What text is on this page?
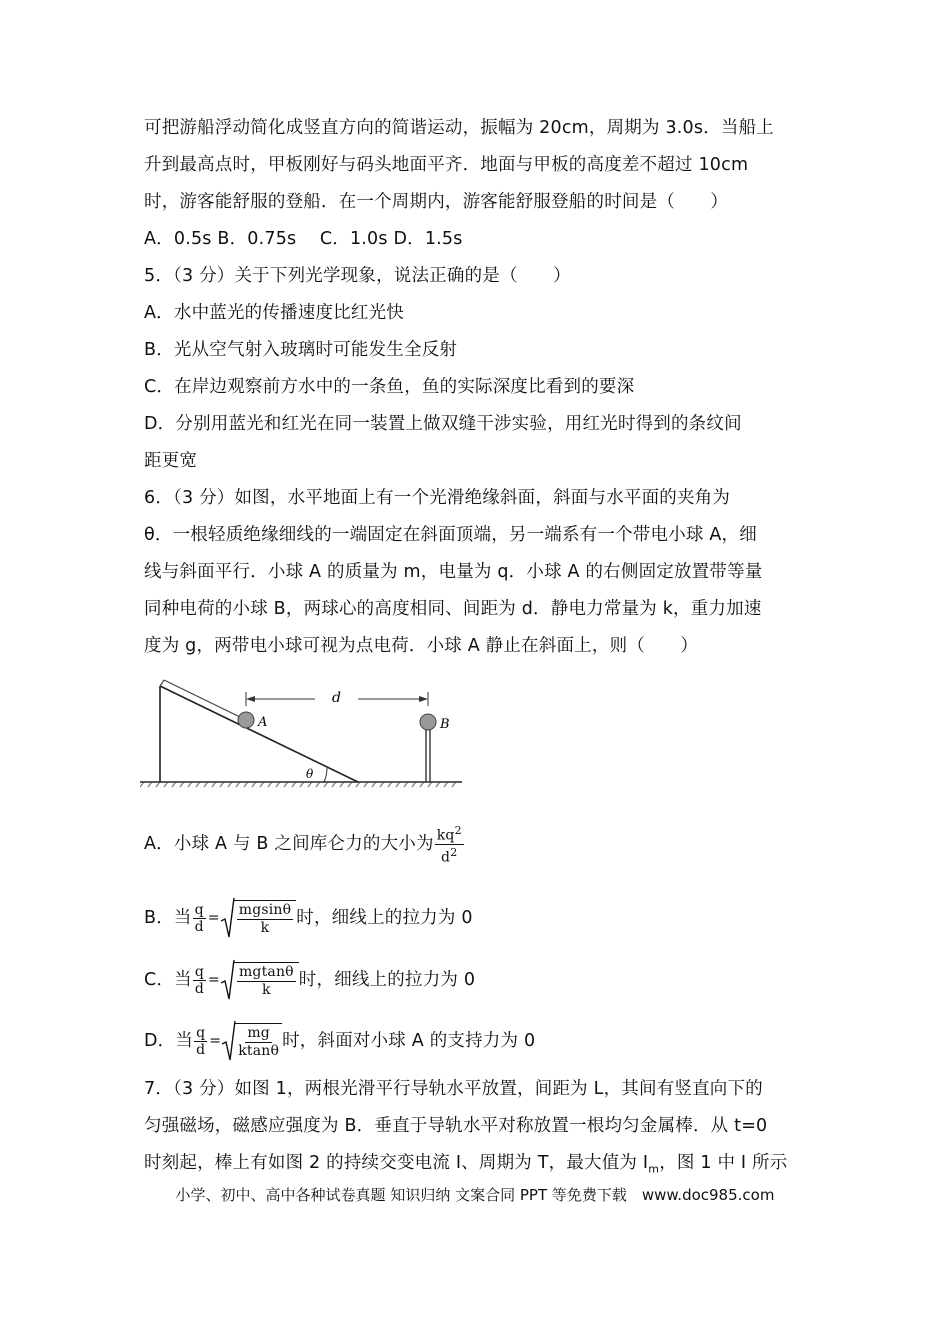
可把游船浮动简化成竖直方向的简谐运动，振幅为 20cm，周期为 3.0s．当船上
升到最高点时，甲板刚好与码头地面平齐．地面与甲板的高度差不超过 10cm
时，游客能舒服的登船．在一个周期内，游客能舒服登船的时间是（　　）
A．0.5s B．0.75s　 C．1.0s D．1.5s
5．（3 分）关于下列光学现象，说法正确的是（　　）
A．水中蓝光的传播速度比红光快
B．光从空气射入玻璃时可能发生全反射
C．在岸边观察前方水中的一条鱼，鱼的实际深度比看到的要深
D．分别用蓝光和红光在同一装置上做双缝干涉实验，用红光时得到的条纹间
距更宽
6．（3 分）如图，水平地面上有一个光滑绝缘斜面，斜面与水平面的夹角为
θ．一根轻质绝缘细线的一端固定在斜面顶端，另一端系有一个带电小球 A，细
线与斜面平行．小球 A 的质量为 m，电量为 q．小球 A 的右侧固定放置带等量
同种电荷的小球 B，两球心的高度相同、间距为 d．静电力常量为 k，重力加速
度为 g，两带电小球可视为点电荷．小球 A 静止在斜面上，则（　　）
d
A	B
θ
A．小球 A 与 B 之间库仑力的大小为 $\frac{kq^2}{d^2}$
B．当 $\frac{q}{d}$ =
mgsinθ
k 时，细线上的拉力为 0
C．当 $\frac{q}{d}$ =
mgtanθ
k 时，细线上的拉力为 0
D．当 $\frac{q}{d}$ =
mg
ktanθ 时，斜面对小球 A 的支持力为 0
7．（3 分）如图 1，两根光滑平行导轨水平放置，间距为 L，其间有竖直向下的
匀强磁场，磁感应强度为 B．垂直于导轨水平对称放置一根均匀金属棒．从 t=0
时刻起，棒上有如图 2 的持续交变电流 I、周期为 T，最大值为 $I_m$，图 1 中 I 所示
小学、初中、高中各种试卷真题 知识归纳 文案合同 PPT 等免费下载　www.doc985.com
